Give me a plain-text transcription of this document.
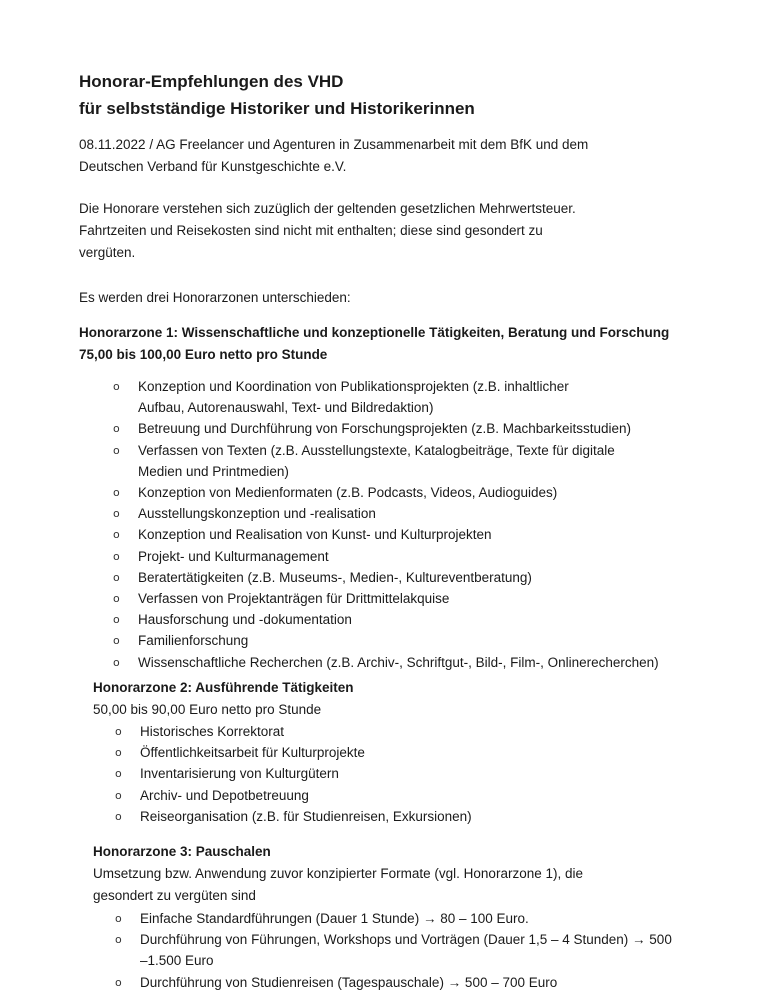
Honorar-Empfehlungen des VHD
für selbstständige Historiker und Historikerinnen
08.11.2022 / AG Freelancer und Agenturen in Zusammenarbeit mit dem BfK und dem
Deutschen Verband für Kunstgeschichte e.V.
Die Honorare verstehen sich zuzüglich der geltenden gesetzlichen Mehrwertsteuer.
Fahrtzeiten und Reisekosten sind nicht mit enthalten; diese sind gesondert zu
vergüten.
Es werden drei Honorarzonen unterschieden:
Honorarzone 1: Wissenschaftliche und konzeptionelle Tätigkeiten, Beratung und Forschung
75,00 bis 100,00 Euro netto pro Stunde
o	Konzeption und Koordination von Publikationsprojekten (z.B. inhaltlicher
Aufbau, Autorenauswahl, Text- und Bildredaktion)
o	Betreuung und Durchführung von Forschungsprojekten (z.B. Machbarkeitsstudien)
o	Verfassen von Texten (z.B. Ausstellungstexte, Katalogbeiträge, Texte für digitale
Medien und Printmedien)
o	Konzeption von Medienformaten (z.B. Podcasts, Videos, Audioguides)
o	Ausstellungskonzeption und -realisation
o	Konzeption und Realisation von Kunst- und Kulturprojekten
o	Projekt- und Kulturmanagement
o	Beratertätigkeiten (z.B. Museums-, Medien-, Kultureventberatung)
o	Verfassen von Projektanträgen für Drittmittelakquise
o	Hausforschung und -dokumentation
o	Familienforschung
o	Wissenschaftliche Recherchen (z.B. Archiv-, Schriftgut-, Bild-, Film-, Onlinerecherchen)
Honorarzone 2: Ausführende Tätigkeiten
50,00 bis 90,00 Euro netto pro Stunde
o	Historisches Korrektorat
o	Öffentlichkeitsarbeit für Kulturprojekte
o	Inventarisierung von Kulturgütern
o	Archiv- und Depotbetreuung
o	Reiseorganisation (z.B. für Studienreisen, Exkursionen)
Honorarzone 3: Pauschalen
Umsetzung bzw. Anwendung zuvor konzipierter Formate (vgl. Honorarzone 1), die
gesondert zu vergüten sind
o	Einfache Standardführungen (Dauer 1 Stunde) → 80 – 100 Euro.
o	Durchführung von Führungen, Workshops und Vorträgen (Dauer 1,5 – 4 Stunden) → 500
–1.500 Euro
o	Durchführung von Studienreisen (Tagespauschale) → 500 – 700 Euro
